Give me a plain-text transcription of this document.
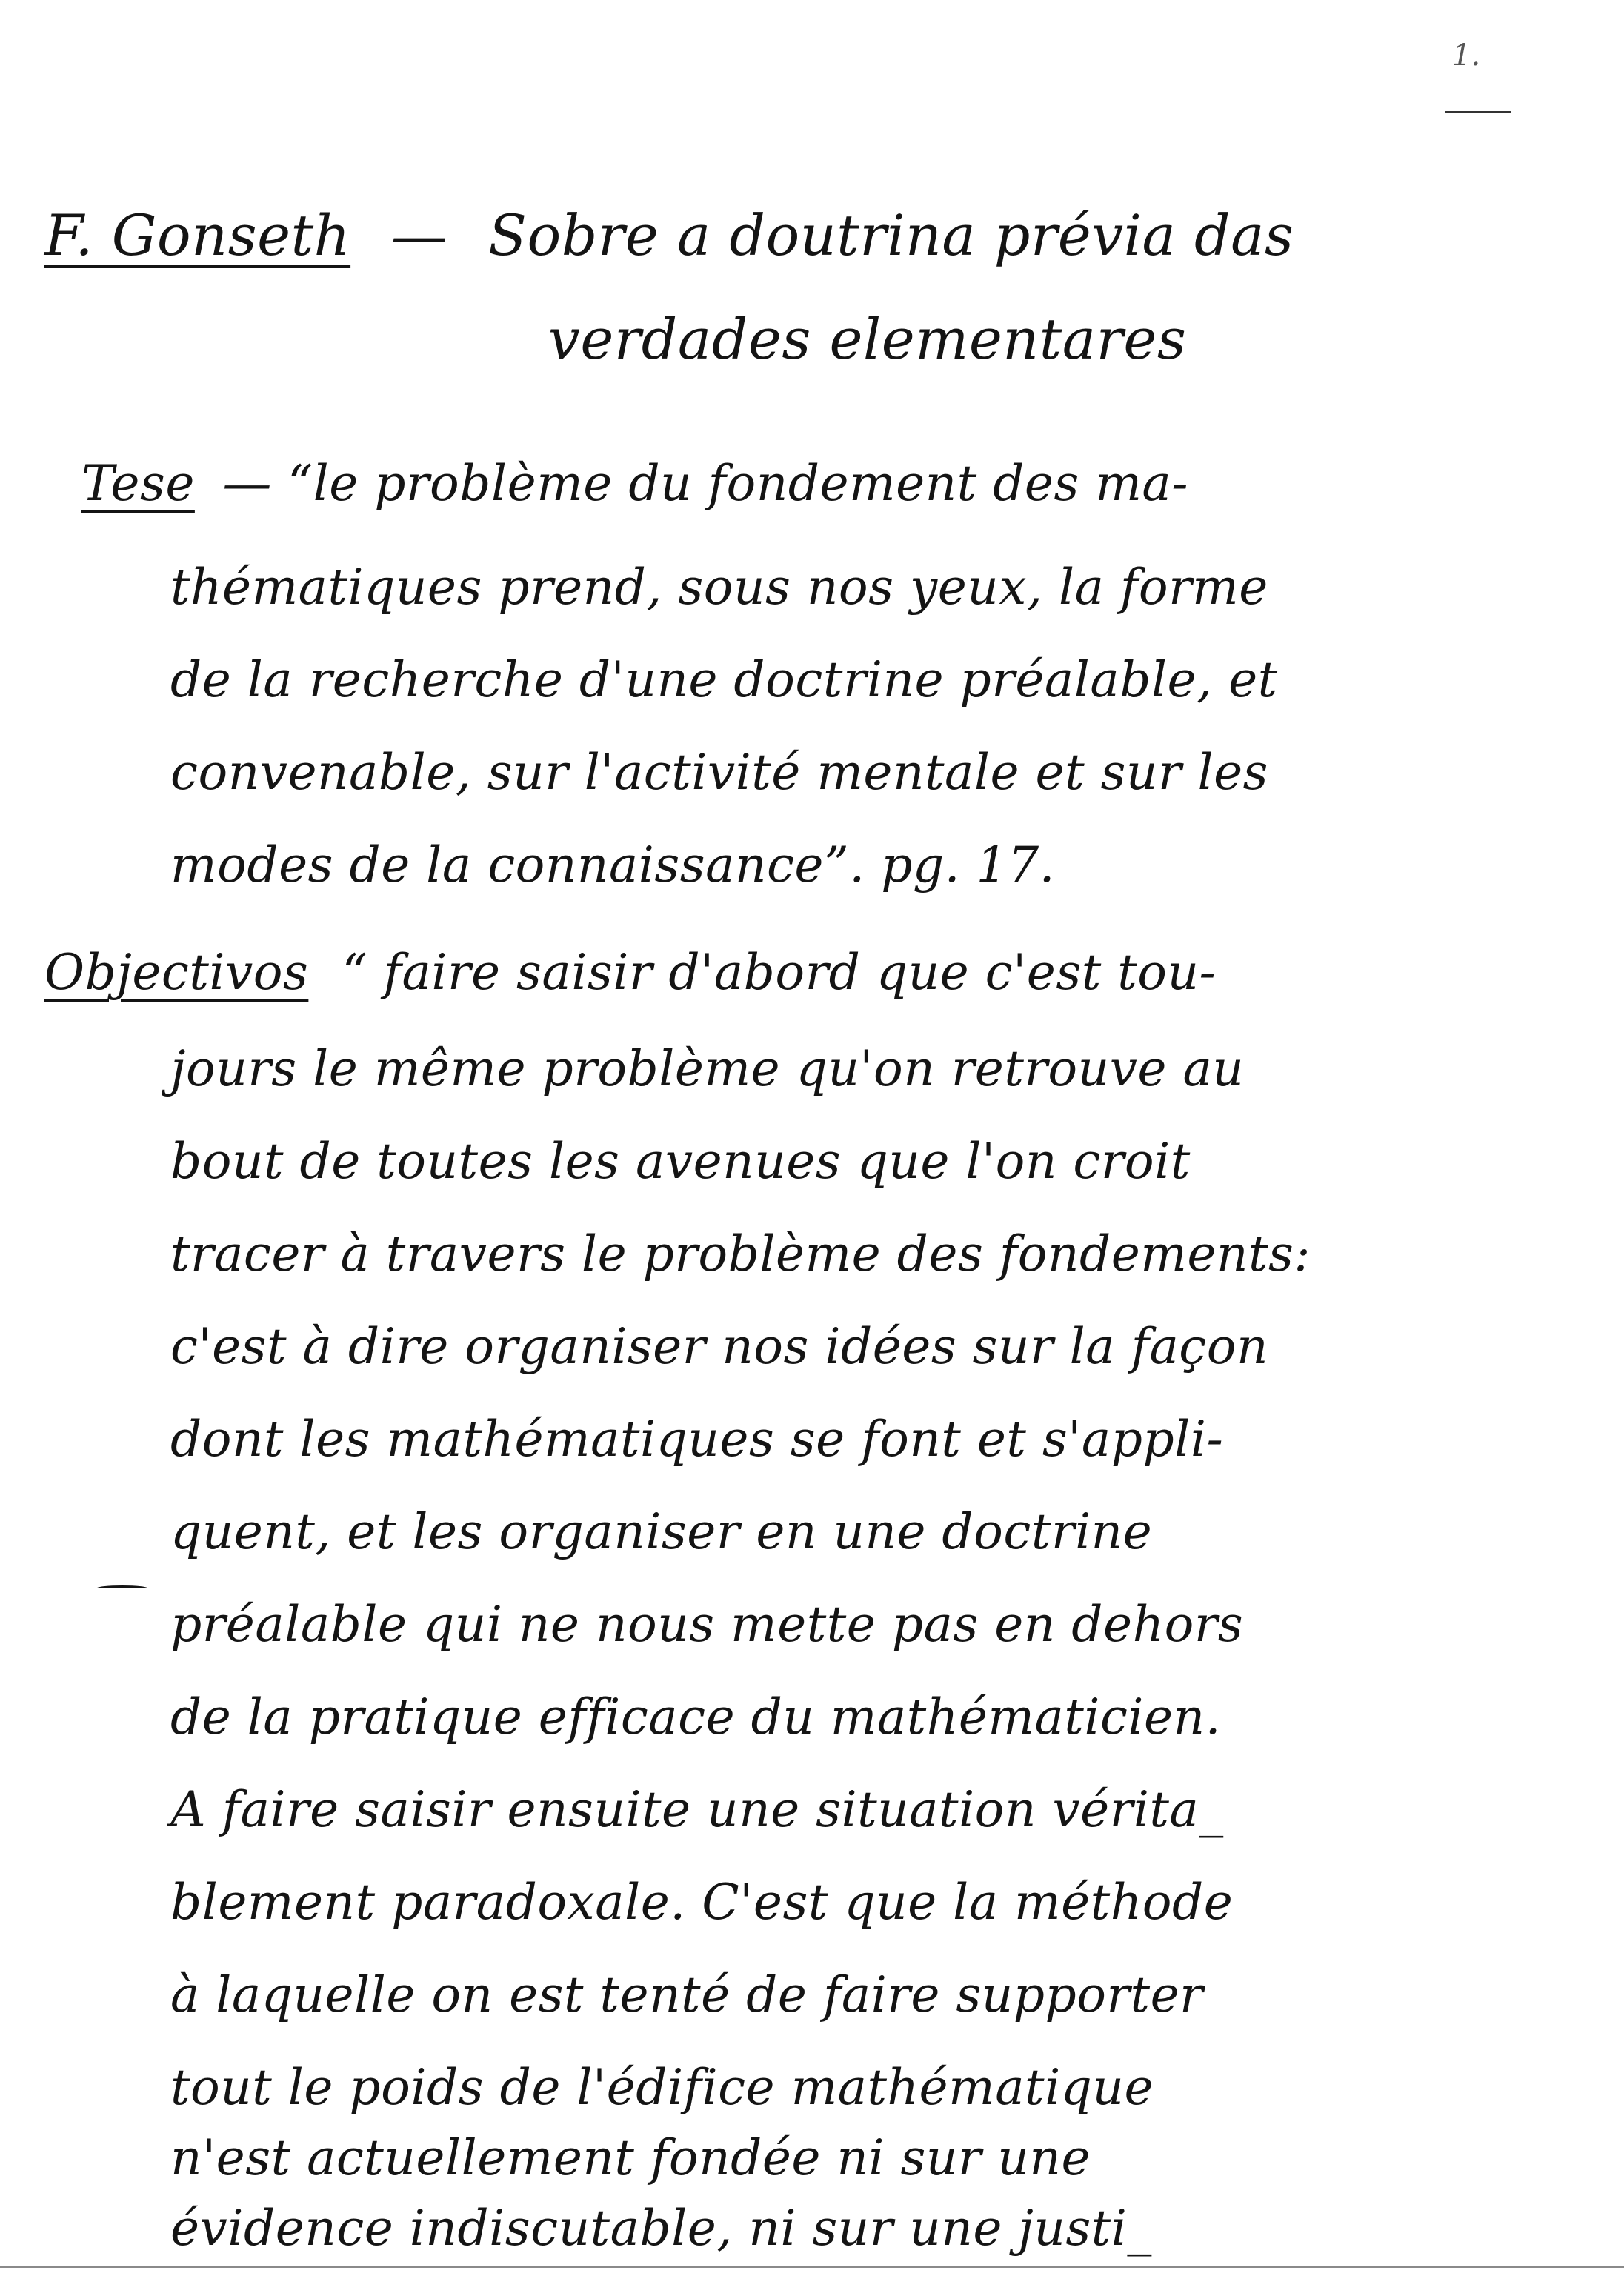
1.
F. Gonseth — Sobre a doutrina prévia das
verdades elementares
Tese — “le problème du fondement des ma-
thématiques prend, sous nos yeux, la forme
de la recherche d'une doctrine préalable, et
convenable, sur l'activité mentale et sur les
modes de la connaissance”. pg. 17.
Objectivos “ faire saisir d'abord que c'est tou-
jours le même problème qu'on retrouve au
bout de toutes les avenues que l'on croit
tracer à travers le problème des fondements:
c'est à dire organiser nos idées sur la façon
dont les mathématiques se font et s'appli-
quent, et les organiser en une doctrine
préalable qui ne nous mette pas en dehors
de la pratique efficace du mathématicien.
A faire saisir ensuite une situation vérita_
blement paradoxale. C'est que la méthode
à laquelle on est tenté de faire supporter
tout le poids de l'édifice mathématique
n'est actuellement fondée ni sur une
évidence indiscutable, ni sur une justi_
